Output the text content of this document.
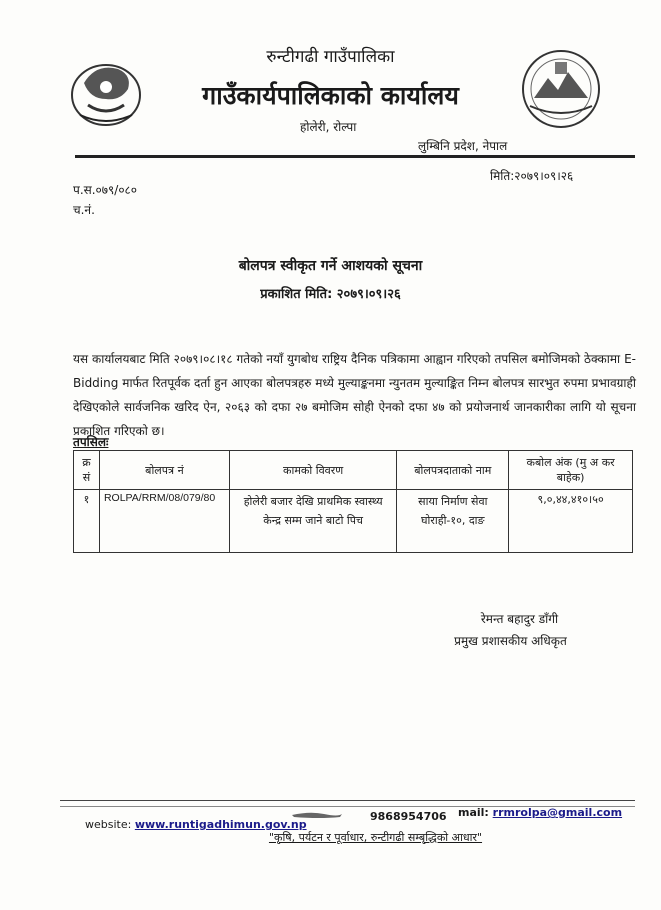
रुन्टीगढी गाउँपालिका
गाउँकार्यपालिकाको कार्यालय
होलेरी, रोल्पा
लुम्बिनि प्रदेश, नेपाल
प.स.०७९/०८०
च.नं.
मिति:२०७९।०९।२६
बोलपत्र स्वीकृत गर्ने आशयको सूचना
प्रकाशित मिति: २०७९।०९।२६
यस कार्यालयबाट मिति २०७९।०८।१८ गतेको नयाँ युगबोध राष्ट्रिय दैनिक पत्रिकामा आह्वान गरिएको तपसिल बमोजिमको ठेक्कामा E-Bidding मार्फत रितपूर्वक दर्ता हुन आएका बोलपत्रहरु मध्ये मुल्याङ्कनमा न्युनतम मुल्याङ्कित निम्न बोलपत्र सारभुत रुपमा प्रभावग्राही देखिएकोले सार्वजनिक खरिद ऐन, २०६३ को दफा २७ बमोजिम सोही ऐनको दफा ४७ को प्रयोजनार्थ जानकारीका लागि यो सूचना प्रकाशित गरिएको छ।
तपसिलः
क्र सं	बोलपत्र नं	कामको विवरण	बोलपत्रदाताको नाम	कबोल अंक (मु अ कर बाहेक)
१	ROLPA/RRM/08/079/80	होलेरी बजार देखि प्राथमिक स्वास्थ्य केन्द्र सम्म जाने बाटो पिच	साया निर्माण सेवा घोराही-१०, दाङ	९,०,४४,४१०।५०
रेमन्त बहादुर डाँगी
प्रमुख प्रशासकीय अधिकृत
website: www.runtigadhimun.gov.np
9868954706 mail: rrmrolpa@gmail.com
"कृषि, पर्यटन र पूर्वाधार, रुन्टीगढी सम्बृद्धिको आधार"
